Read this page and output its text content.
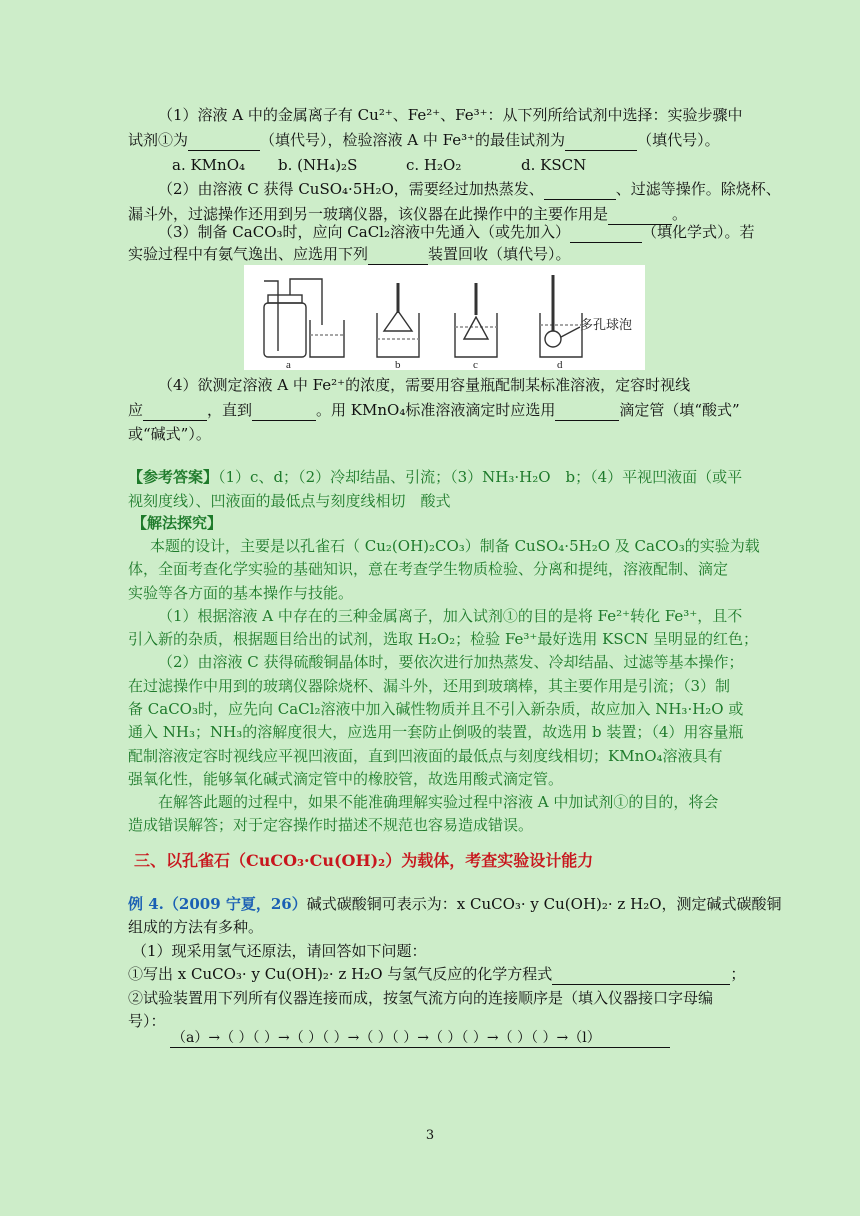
（1）溶液 A 中的金属离子有 Cu²⁺、Fe²⁺、Fe³⁺：从下列所给试剂中选择：实验步骤中
试剂①为	（填代号），检验溶液 A 中 Fe³⁺的最佳试剂为	（填代号）。
a. KMnO₄ b. (NH₄)₂S	c. H₂O₂	d. KSCN
（2）由溶液 C 获得 CuSO₄·5H₂O，需要经过加热蒸发、	、过滤等操作。除烧杯、
漏斗外，过滤操作还用到另一玻璃仪器，该仪器在此操作中的主要作用是	。
（3）制备 CaCO₃时，应向 CaCl₂溶液中先通入（或先加入）	（填化学式）。若
实验过程中有氨气逸出、应选用下列	装置回收（填代号）。
a	b	c	d
多孔球泡
（4）欲测定溶液 A 中 Fe²⁺的浓度，需要用容量瓶配制某标准溶液，定容时视线
应	，直到	。用 KMnO₄标准溶液滴定时应选用	滴定管（填“酸式”
或“碱式”）。
【参考答案】（1）c、d；（2）冷却结晶、引流；（3）NH₃·H₂O　b；（4）平视凹液面（或平
视刻度线）、凹液面的最低点与刻度线相切　酸式
【解法探究】
本题的设计，主要是以孔雀石（ Cu₂(OH)₂CO₃）制备 CuSO₄·5H₂O 及 CaCO₃的实验为载
体，全面考查化学实验的基础知识，意在考查学生物质检验、分离和提纯，溶液配制、滴定
实验等各方面的基本操作与技能。
（1）根据溶液 A 中存在的三种金属离子，加入试剂①的目的是将 Fe²⁺转化 Fe³⁺，且不
引入新的杂质，根据题目给出的试剂，选取 H₂O₂；检验 Fe³⁺最好选用 KSCN 呈明显的红色；
（2）由溶液 C 获得硫酸铜晶体时，要依次进行加热蒸发、冷却结晶、过滤等基本操作；
在过滤操作中用到的玻璃仪器除烧杯、漏斗外，还用到玻璃棒，其主要作用是引流；（3）制
备 CaCO₃时，应先向 CaCl₂溶液中加入碱性物质并且不引入新杂质，故应加入 NH₃·H₂O 或
通入 NH₃；NH₃的溶解度很大，应选用一套防止倒吸的装置，故选用 b 装置；（4）用容量瓶
配制溶液定容时视线应平视凹液面，直到凹液面的最低点与刻度线相切；KMnO₄溶液具有
强氧化性，能够氧化碱式滴定管中的橡胶管，故选用酸式滴定管。
在解答此题的过程中，如果不能准确理解实验过程中溶液 A 中加试剂①的目的，将会
造成错误解答；对于定容操作时描述不规范也容易造成错误。
三、以孔雀石（CuCO₃·Cu(OH)₂）为载体，考查实验设计能力
例 4.（2009 宁夏，26）碱式碳酸铜可表示为：x CuCO₃· y Cu(OH)₂· z H₂O，测定碱式碳酸铜
组成的方法有多种。
（1）现采用氢气还原法，请回答如下问题：
①写出 x CuCO₃· y Cu(OH)₂· z H₂O 与氢气反应的化学方程式	；
②试验装置用下列所有仪器连接而成，按氢气流方向的连接顺序是（填入仪器接口字母编
号）：
（a）→（ ）（ ）→（ ）（ ）→（ ）（ ）→（ ）（ ）→（ ）（ ）→（l）
3
